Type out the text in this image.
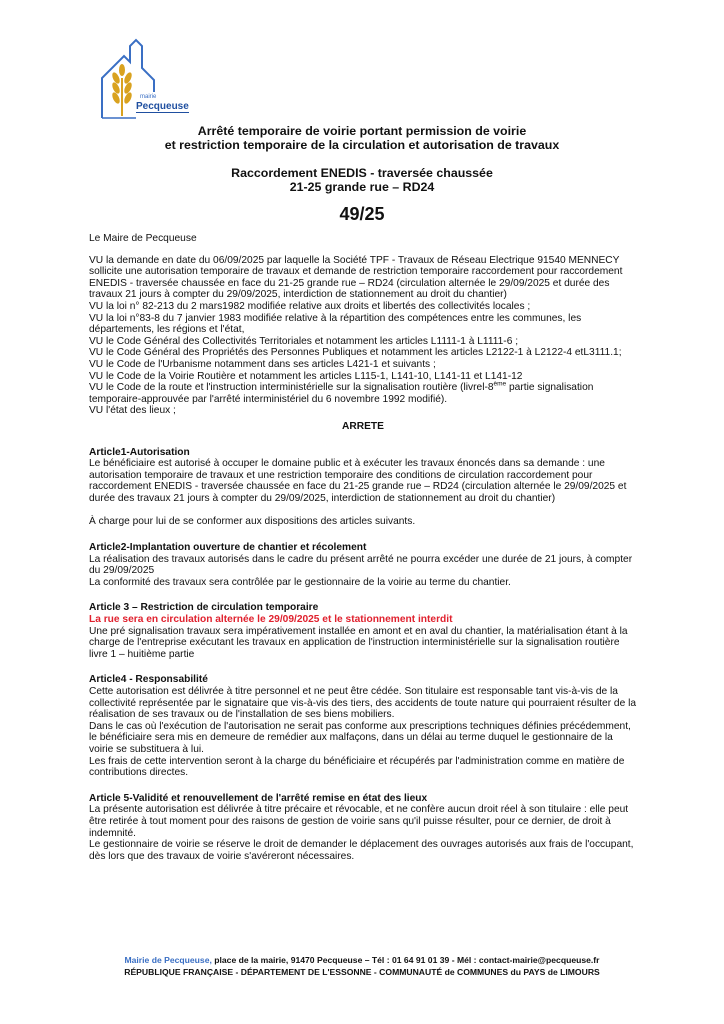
mairie
Pecqueuse
Arrêté temporaire de voirie portant permission de voirie
et restriction temporaire de la circulation et autorisation de travaux
Raccordement ENEDIS - traversée chaussée
21-25 grande rue – RD24
49/25

Le Maire de Pecqueuse

VU la demande en date du 06/09/2025 par laquelle la Société TPF - Travaux de Réseau Electrique 91540 MENNECY sollicite une autorisation temporaire de travaux et demande de restriction temporaire raccordement pour raccordement ENEDIS - traversée chaussée en face du 21-25 grande rue – RD24 (circulation alternée le 29/09/2025 et durée des travaux 21 jours à compter du 29/09/2025, interdiction de stationnement au droit du chantier)

VU la loi n° 82-213 du 2 mars1982 modifiée relative aux droits et libertés des collectivités locales ;

VU la loi n°83-8 du 7 janvier 1983 modifiée relative à la répartition des compétences entre les communes, les départements, les régions et l'état,

VU le Code Général des Collectivités Territoriales et notamment les articles L1111-1 à L1111-6 ;

VU le Code Général des Propriétés des Personnes Publiques et notamment les articles L2122-1 à L2122-4 etL3111.1;

VU le Code de l'Urbanisme notamment dans ses articles L421-1 et suivants ;

VU le Code de la Voirie Routière et notamment les articles L115-1, L141-10, L141-11 et L141-12

VU le Code de la route et l'instruction interministérielle sur la signalisation routière (livrel-8ème partie signalisation temporaire-approuvée par l'arrêté interministériel du 6 novembre 1992 modifié).

VU l'état des lieux ;

ARRETE

Article1-Autorisation

Le bénéficiaire est autorisé à occuper le domaine public et à exécuter les travaux énoncés dans sa demande : une autorisation temporaire de travaux et une restriction temporaire des conditions de circulation raccordement pour raccordement ENEDIS - traversée chaussée en face du 21-25 grande rue – RD24 (circulation alternée le 29/09/2025 et durée des travaux 21 jours à compter du 29/09/2025, interdiction de stationnement au droit du chantier)

À charge pour lui de se conformer aux dispositions des articles suivants.

Article2-Implantation ouverture de chantier et récolement

La réalisation des travaux autorisés dans le cadre du présent arrêté ne pourra excéder une durée de 21 jours, à compter du 29/09/2025

La conformité des travaux sera contrôlée par le gestionnaire de la voirie au terme du chantier.

Article 3 – Restriction de circulation temporaire

La rue sera en circulation alternée le 29/09/2025 et le stationnement interdit

Une pré signalisation travaux sera impérativement installée en amont et en aval du chantier, la matérialisation étant à la charge de l'entreprise exécutant les travaux en application de l'instruction interministérielle sur la signalisation routière livre 1 – huitième partie

Article4 - Responsabilité

Cette autorisation est délivrée à titre personnel et ne peut être cédée. Son titulaire est responsable tant vis-à-vis de la collectivité représentée par le signataire que vis-à-vis des tiers, des accidents de toute nature qui pourraient résulter de la réalisation de ses travaux ou de l'installation de ses biens mobiliers.

Dans le cas où l'exécution de l'autorisation ne serait pas conforme aux prescriptions techniques définies précédemment, le bénéficiaire sera mis en demeure de remédier aux malfaçons, dans un délai au terme duquel le gestionnaire de la voirie se substituera à lui.

Les frais de cette intervention seront à la charge du bénéficiaire et récupérés par l'administration comme en matière de contributions directes.

Article 5-Validité et renouvellement de l'arrêté remise en état des lieux

La présente autorisation est délivrée à titre précaire et révocable, et ne confère aucun droit réel à son titulaire : elle peut être retirée à tout moment pour des raisons de gestion de voirie sans qu'il puisse résulter, pour ce dernier, de droit à indemnité.

Le gestionnaire de voirie se réserve le droit de demander le déplacement des ouvrages autorisés aux frais de l'occupant, dès lors que des travaux de voirie s'avéreront nécessaires.

Mairie de Pecqueuse, place de la mairie, 91470 Pecqueuse – Tél : 01 64 91 01 39 - Mél : contact-mairie@pecqueuse.fr
RÉPUBLIQUE FRANÇAISE - DÉPARTEMENT DE L'ESSONNE - COMMUNAUTÉ de COMMUNES du PAYS de LIMOURS
